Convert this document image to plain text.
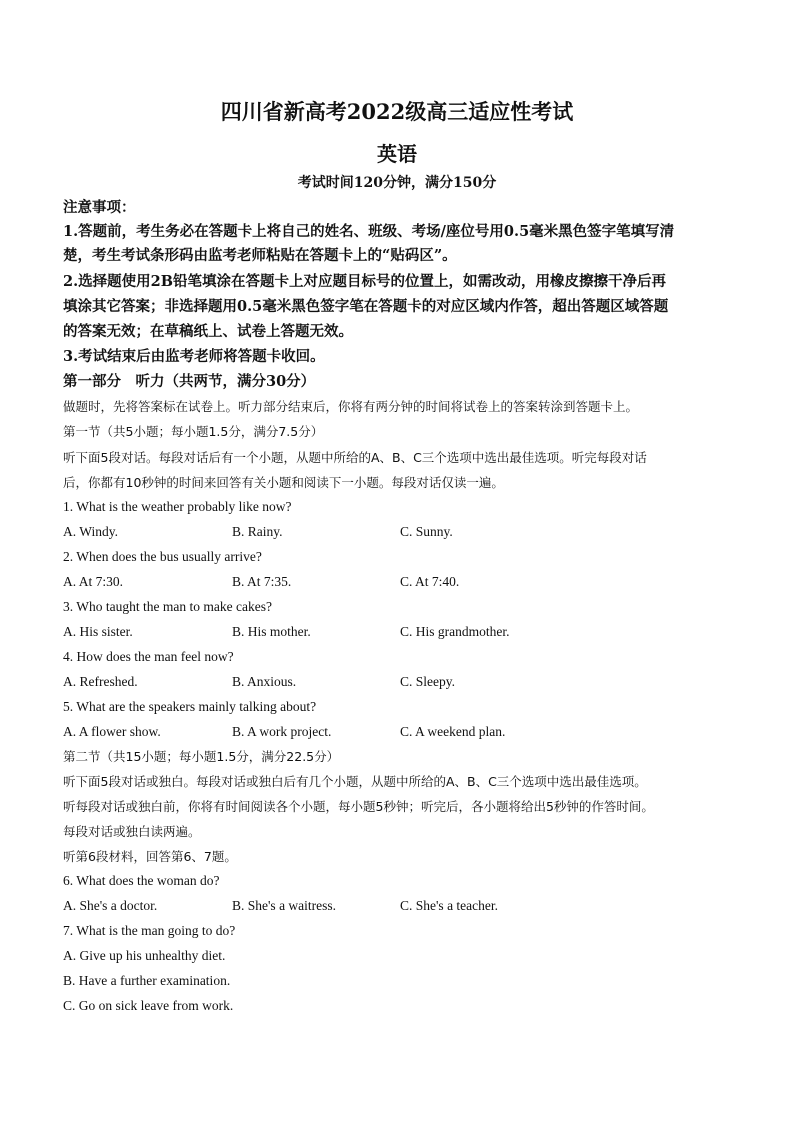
四川省新高考2022级高三适应性考试
英语
考试时间120分钟，满分150分
注意事项：
1.答题前，考生务必在答题卡上将自己的姓名、班级、考场/座位号用0.5毫米黑色签字笔填写清
楚，考生考试条形码由监考老师粘贴在答题卡上的“贴码区”。
2.选择题使用2B铅笔填涂在答题卡上对应题目标号的位置上，如需改动，用橡皮擦擦干净后再
填涂其它答案；非选择题用0.5毫米黑色签字笔在答题卡的对应区域内作答，超出答题区域答题
的答案无效；在草稿纸上、试卷上答题无效。
3.考试结束后由监考老师将答题卡收回。
第一部分　听力（共两节，满分30分）
做题时，先将答案标在试卷上。听力部分结束后，你将有两分钟的时间将试卷上的答案转涂到答题卡上。
第一节（共5小题；每小题1.5分，满分7.5分）
听下面5段对话。每段对话后有一个小题，从题中所给的A、B、C三个选项中选出最佳选项。听完每段对话
后，你都有10秒钟的时间来回答有关小题和阅读下一小题。每段对话仅读一遍。
1. What is the weather probably like now?
A. Windy.	B. Rainy.	C. Sunny.
2. When does the bus usually arrive?
A. At 7:30.	B. At 7:35.	C. At 7:40.
3. Who taught the man to make cakes?
A. His sister.	B. His mother.	C. His grandmother.
4. How does the man feel now?
A. Refreshed.	B. Anxious.	C. Sleepy.
5. What are the speakers mainly talking about?
A. A flower show.	B. A work project.	C. A weekend plan.
第二节（共15小题；每小题1.5分，满分22.5分）
听下面5段对话或独白。每段对话或独白后有几个小题，从题中所给的A、B、C三个选项中选出最佳选项。
听每段对话或独白前，你将有时间阅读各个小题，每小题5秒钟；听完后，各小题将给出5秒钟的作答时间。
每段对话或独白读两遍。
听第6段材料，回答第6、7题。
6. What does the woman do?
A. She's a doctor.	B. She's a waitress.	C. She's a teacher.
7. What is the man going to do?
A. Give up his unhealthy diet.
B. Have a further examination.
C. Go on sick leave from work.
